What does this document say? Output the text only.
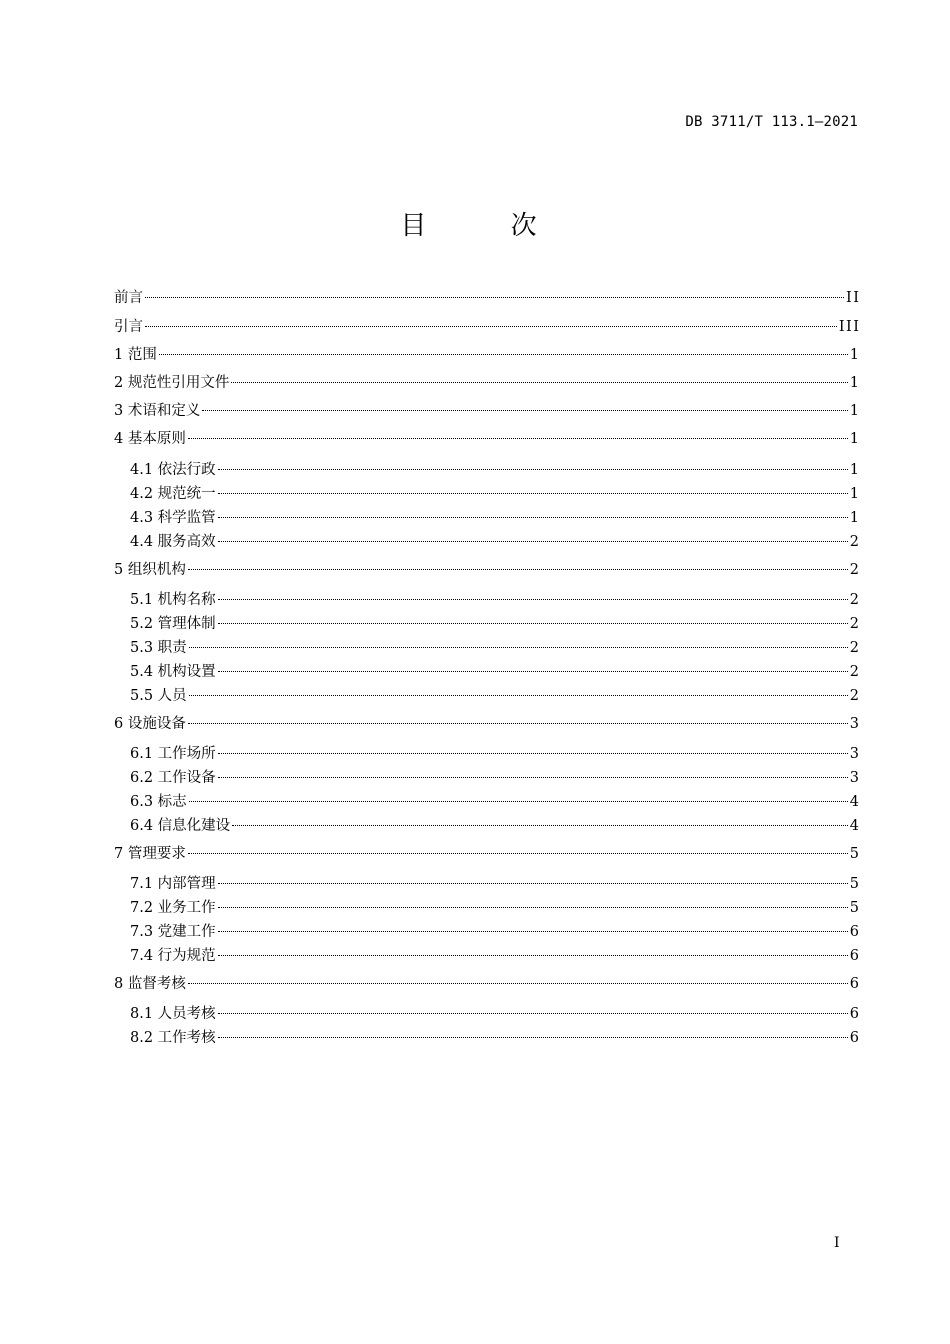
DB 3711/T 113.1—2021
目 次
前言	II
引言	III
1 范围	1
2 规范性引用文件	1
3 术语和定义	1
4 基本原则	1
4.1 依法行政	1
4.2 规范统一	1
4.3 科学监管	1
4.4 服务高效	2
5 组织机构	2
5.1 机构名称	2
5.2 管理体制	2
5.3 职责	2
5.4 机构设置	2
5.5 人员	2
6 设施设备	3
6.1 工作场所	3
6.2 工作设备	3
6.3 标志	4
6.4 信息化建设	4
7 管理要求	5
7.1 内部管理	5
7.2 业务工作	5
7.3 党建工作	6
7.4 行为规范	6
8 监督考核	6
8.1 人员考核	6
8.2 工作考核	6
I
